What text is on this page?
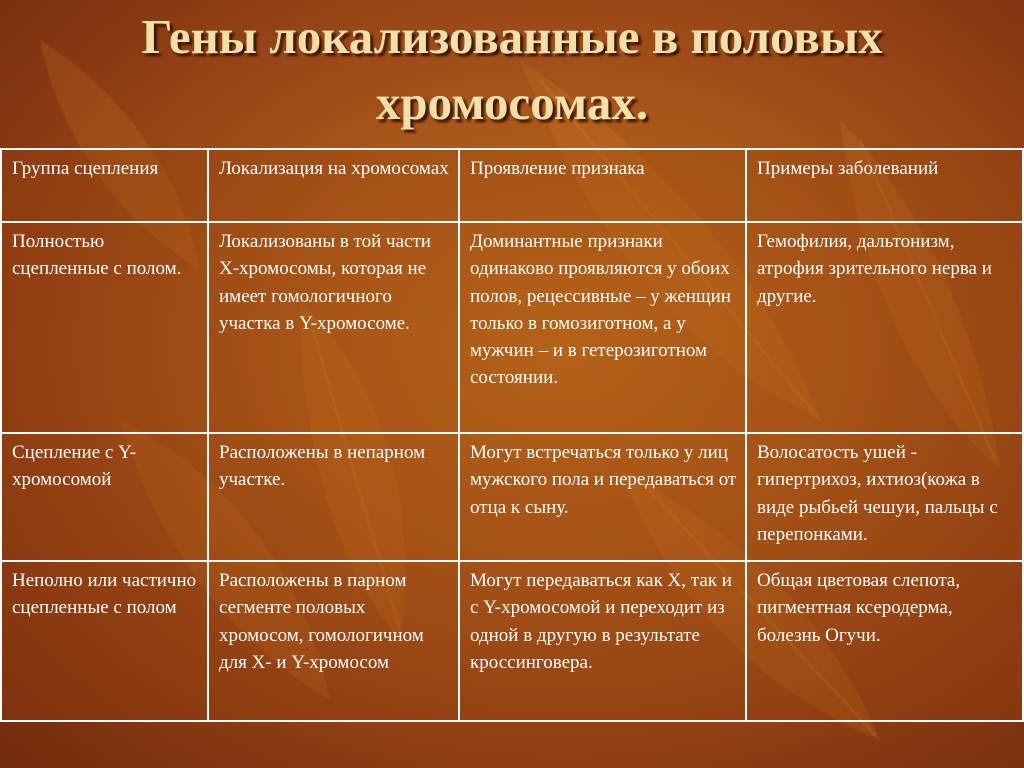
Гены локализованные в половых хромосомах.
Группа сцепления	Локализация на хромосомах	Проявление признака	Примеры заболеваний
Полностью сцепленные с полом.	Локализованы в той части Х-хромосомы, которая не имеет гомологичного участка в Y-хромосоме.	Доминантные признаки одинаково проявляются у обоих полов, рецессивные – у женщин только в гомозиготном, а у мужчин – и в гетерозиготном состоянии.	Гемофилия, дальтонизм, атрофия зрительного нерва и другие.
Сцепление с Y-хромосомой	Расположены в непарном участке.	Могут встречаться только у лиц мужского пола и передаваться от отца к сыну.	Волосатость ушей - гипертрихоз, ихтиоз(кожа в виде рыбьей чешуи, пальцы с перепонками.
Неполно или частично сцепленные с полом	Расположены в парном сегменте половых хромосом, гомологичном для Х- и Y-хромосом	Могут передаваться как Х, так и с Y-хромосомой и переходит из одной в другую в результате кроссинговера.	Общая цветовая слепота, пигментная ксеродерма, болезнь Огучи.
